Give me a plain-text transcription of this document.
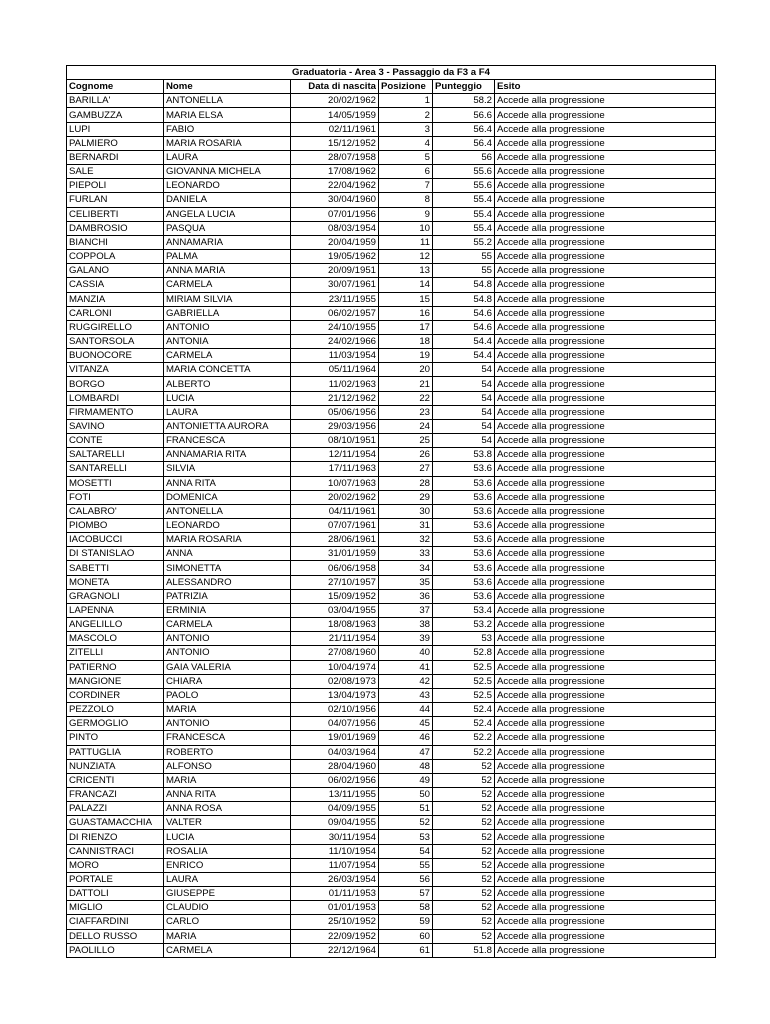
Graduatoria - Area 3 - Passaggio da F3 a F4					
Cognome	Nome	Data di nascita	Posizione	Punteggio	Esito
BARILLA'	ANTONELLA	20/02/1962	1	58.2	Accede alla progressione
GAMBUZZA	MARIA ELSA	14/05/1959	2	56.6	Accede alla progressione
LUPI	FABIO	02/11/1961	3	56.4	Accede alla progressione
PALMIERO	MARIA ROSARIA	15/12/1952	4	56.4	Accede alla progressione
BERNARDI	LAURA	28/07/1958	5	56	Accede alla progressione
SALE	GIOVANNA MICHELA	17/08/1962	6	55.6	Accede alla progressione
PIEPOLI	LEONARDO	22/04/1962	7	55.6	Accede alla progressione
FURLAN	DANIELA	30/04/1960	8	55.4	Accede alla progressione
CELIBERTI	ANGELA LUCIA	07/01/1956	9	55.4	Accede alla progressione
DAMBROSIO	PASQUA	08/03/1954	10	55.4	Accede alla progressione
BIANCHI	ANNAMARIA	20/04/1959	11	55.2	Accede alla progressione
COPPOLA	PALMA	19/05/1962	12	55	Accede alla progressione
GALANO	ANNA MARIA	20/09/1951	13	55	Accede alla progressione
CASSIA	CARMELA	30/07/1961	14	54.8	Accede alla progressione
MANZIA	MIRIAM SILVIA	23/11/1955	15	54.8	Accede alla progressione
CARLONI	GABRIELLA	06/02/1957	16	54.6	Accede alla progressione
RUGGIRELLO	ANTONIO	24/10/1955	17	54.6	Accede alla progressione
SANTORSOLA	ANTONIA	24/02/1966	18	54.4	Accede alla progressione
BUONOCORE	CARMELA	11/03/1954	19	54.4	Accede alla progressione
VITANZA	MARIA CONCETTA	05/11/1964	20	54	Accede alla progressione
BORGO	ALBERTO	11/02/1963	21	54	Accede alla progressione
LOMBARDI	LUCIA	21/12/1962	22	54	Accede alla progressione
FIRMAMENTO	LAURA	05/06/1956	23	54	Accede alla progressione
SAVINO	ANTONIETTA AURORA	29/03/1956	24	54	Accede alla progressione
CONTE	FRANCESCA	08/10/1951	25	54	Accede alla progressione
SALTARELLI	ANNAMARIA RITA	12/11/1954	26	53.8	Accede alla progressione
SANTARELLI	SILVIA	17/11/1963	27	53.6	Accede alla progressione
MOSETTI	ANNA RITA	10/07/1963	28	53.6	Accede alla progressione
FOTI	DOMENICA	20/02/1962	29	53.6	Accede alla progressione
CALABRO'	ANTONELLA	04/11/1961	30	53.6	Accede alla progressione
PIOMBO	LEONARDO	07/07/1961	31	53.6	Accede alla progressione
IACOBUCCI	MARIA ROSARIA	28/06/1961	32	53.6	Accede alla progressione
DI STANISLAO	ANNA	31/01/1959	33	53.6	Accede alla progressione
SABETTI	SIMONETTA	06/06/1958	34	53.6	Accede alla progressione
MONETA	ALESSANDRO	27/10/1957	35	53.6	Accede alla progressione
GRAGNOLI	PATRIZIA	15/09/1952	36	53.6	Accede alla progressione
LAPENNA	ERMINIA	03/04/1955	37	53.4	Accede alla progressione
ANGELILLO	CARMELA	18/08/1963	38	53.2	Accede alla progressione
MASCOLO	ANTONIO	21/11/1954	39	53	Accede alla progressione
ZITELLI	ANTONIO	27/08/1960	40	52.8	Accede alla progressione
PATIERNO	GAIA VALERIA	10/04/1974	41	52.5	Accede alla progressione
MANGIONE	CHIARA	02/08/1973	42	52.5	Accede alla progressione
CORDINER	PAOLO	13/04/1973	43	52.5	Accede alla progressione
PEZZOLO	MARIA	02/10/1956	44	52.4	Accede alla progressione
GERMOGLIO	ANTONIO	04/07/1956	45	52.4	Accede alla progressione
PINTO	FRANCESCA	19/01/1969	46	52.2	Accede alla progressione
PATTUGLIA	ROBERTO	04/03/1964	47	52.2	Accede alla progressione
NUNZIATA	ALFONSO	28/04/1960	48	52	Accede alla progressione
CRICENTI	MARIA	06/02/1956	49	52	Accede alla progressione
FRANCAZI	ANNA RITA	13/11/1955	50	52	Accede alla progressione
PALAZZI	ANNA ROSA	04/09/1955	51	52	Accede alla progressione
GUASTAMACCHIA	VALTER	09/04/1955	52	52	Accede alla progressione
DI RIENZO	LUCIA	30/11/1954	53	52	Accede alla progressione
CANNISTRACI	ROSALIA	11/10/1954	54	52	Accede alla progressione
MORO	ENRICO	11/07/1954	55	52	Accede alla progressione
PORTALE	LAURA	26/03/1954	56	52	Accede alla progressione
DATTOLI	GIUSEPPE	01/11/1953	57	52	Accede alla progressione
MIGLIO	CLAUDIO	01/01/1953	58	52	Accede alla progressione
CIAFFARDINI	CARLO	25/10/1952	59	52	Accede alla progressione
DELLO RUSSO	MARIA	22/09/1952	60	52	Accede alla progressione
PAOLILLO	CARMELA	22/12/1964	61	51.8	Accede alla progressione
